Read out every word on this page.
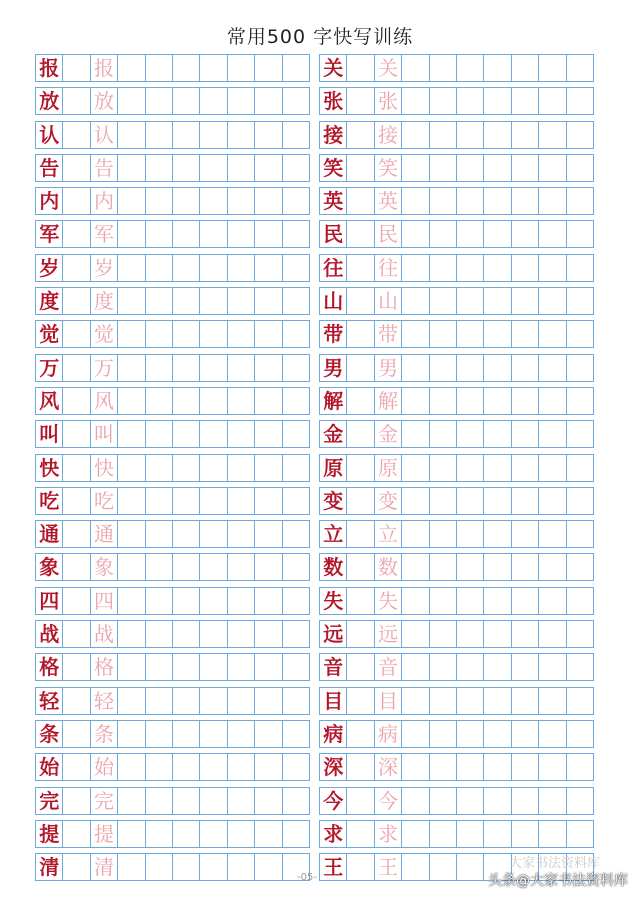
常用500 字快写训练
报 报	关 关
放 放	张 张
认 认	接 接
告 告	笑 笑
内 内	英 英
军 军	民 民
岁 岁	往 往
度 度	山 山
觉 觉	带 带
万 万	男 男
风 风	解 解
叫 叫	金 金
快 快	原 原
吃 吃	变 变
通 通	立 立
象 象	数 数
四 四	失 失
战 战	远 远
格 格	音 音
轻 轻	目 目
条 条	病 病
始 始	深 深
完 完	今 今
提 提	求 求
清 清	王 王
-05-
大家书法资料库
头条@大家书法资料库
